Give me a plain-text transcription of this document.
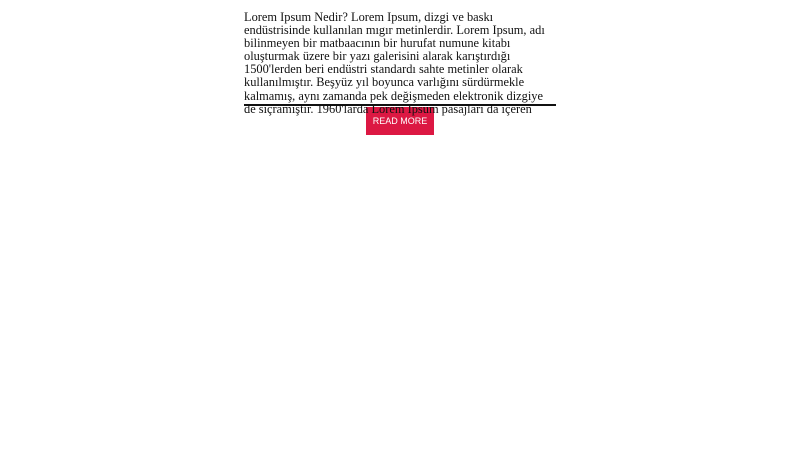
Lorem Ipsum Nedir? Lorem Ipsum, dizgi ve baskı endüstrisinde kullanılan mıgır metinlerdir. Lorem Ipsum, adı bilinmeyen bir matbaacının bir hurufat numune kitabı oluşturmak üzere bir yazı galerisini alarak karıştırdığı 1500'lerden beri endüstri standardı sahte metinler olarak kullanılmıştır. Beşyüz yıl boyunca varlığını sürdürmekle kalmamış, aynı zamanda pek değişmeden elektronik dizgiye de sıçramıştır. 1960'larda Lorem Ipsum pasajları da içeren

READ MORE
